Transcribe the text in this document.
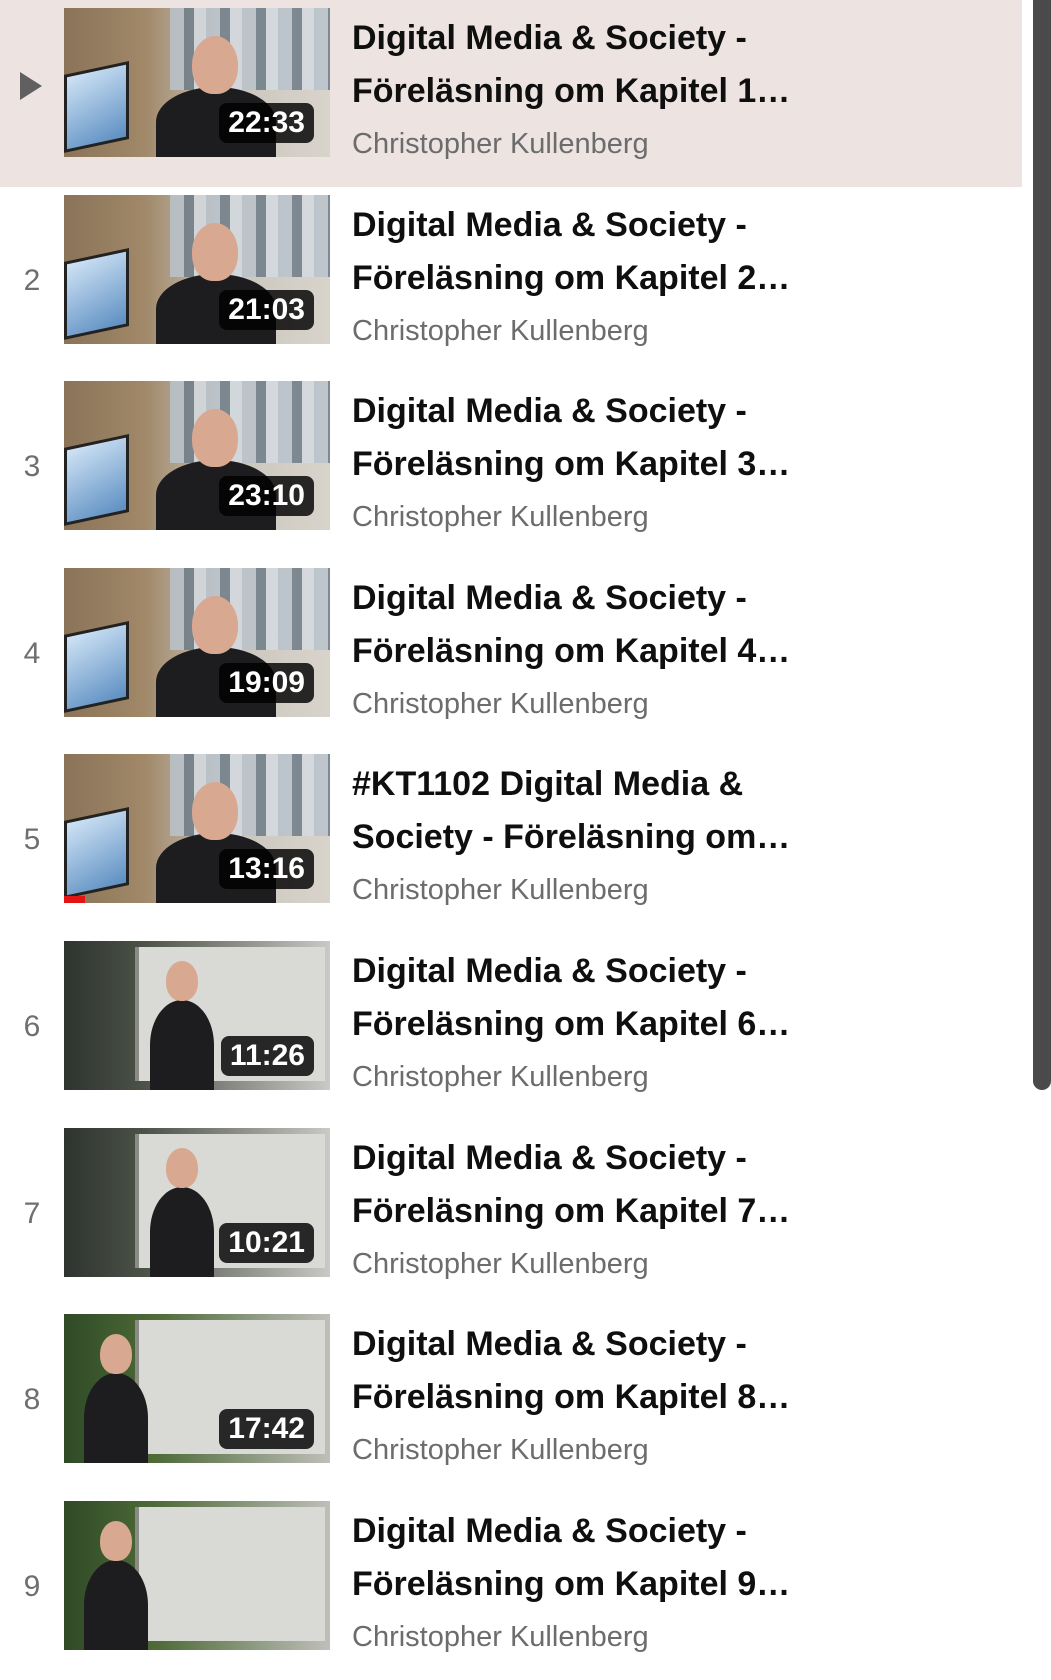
22:33
Digital Media & Society - Föreläsning om Kapitel 1…
Christopher Kullenberg
2
21:03
Digital Media & Society - Föreläsning om Kapitel 2…
Christopher Kullenberg
3
23:10
Digital Media & Society - Föreläsning om Kapitel 3…
Christopher Kullenberg
4
19:09
Digital Media & Society - Föreläsning om Kapitel 4…
Christopher Kullenberg
5
13:16
#KT1102 Digital Media & Society - Föreläsning om…
Christopher Kullenberg
6
11:26
Digital Media & Society - Föreläsning om Kapitel 6…
Christopher Kullenberg
7
10:21
Digital Media & Society - Föreläsning om Kapitel 7…
Christopher Kullenberg
8
17:42
Digital Media & Society - Föreläsning om Kapitel 8…
Christopher Kullenberg
9
Digital Media & Society - Föreläsning om Kapitel 9…
Christopher Kullenberg
